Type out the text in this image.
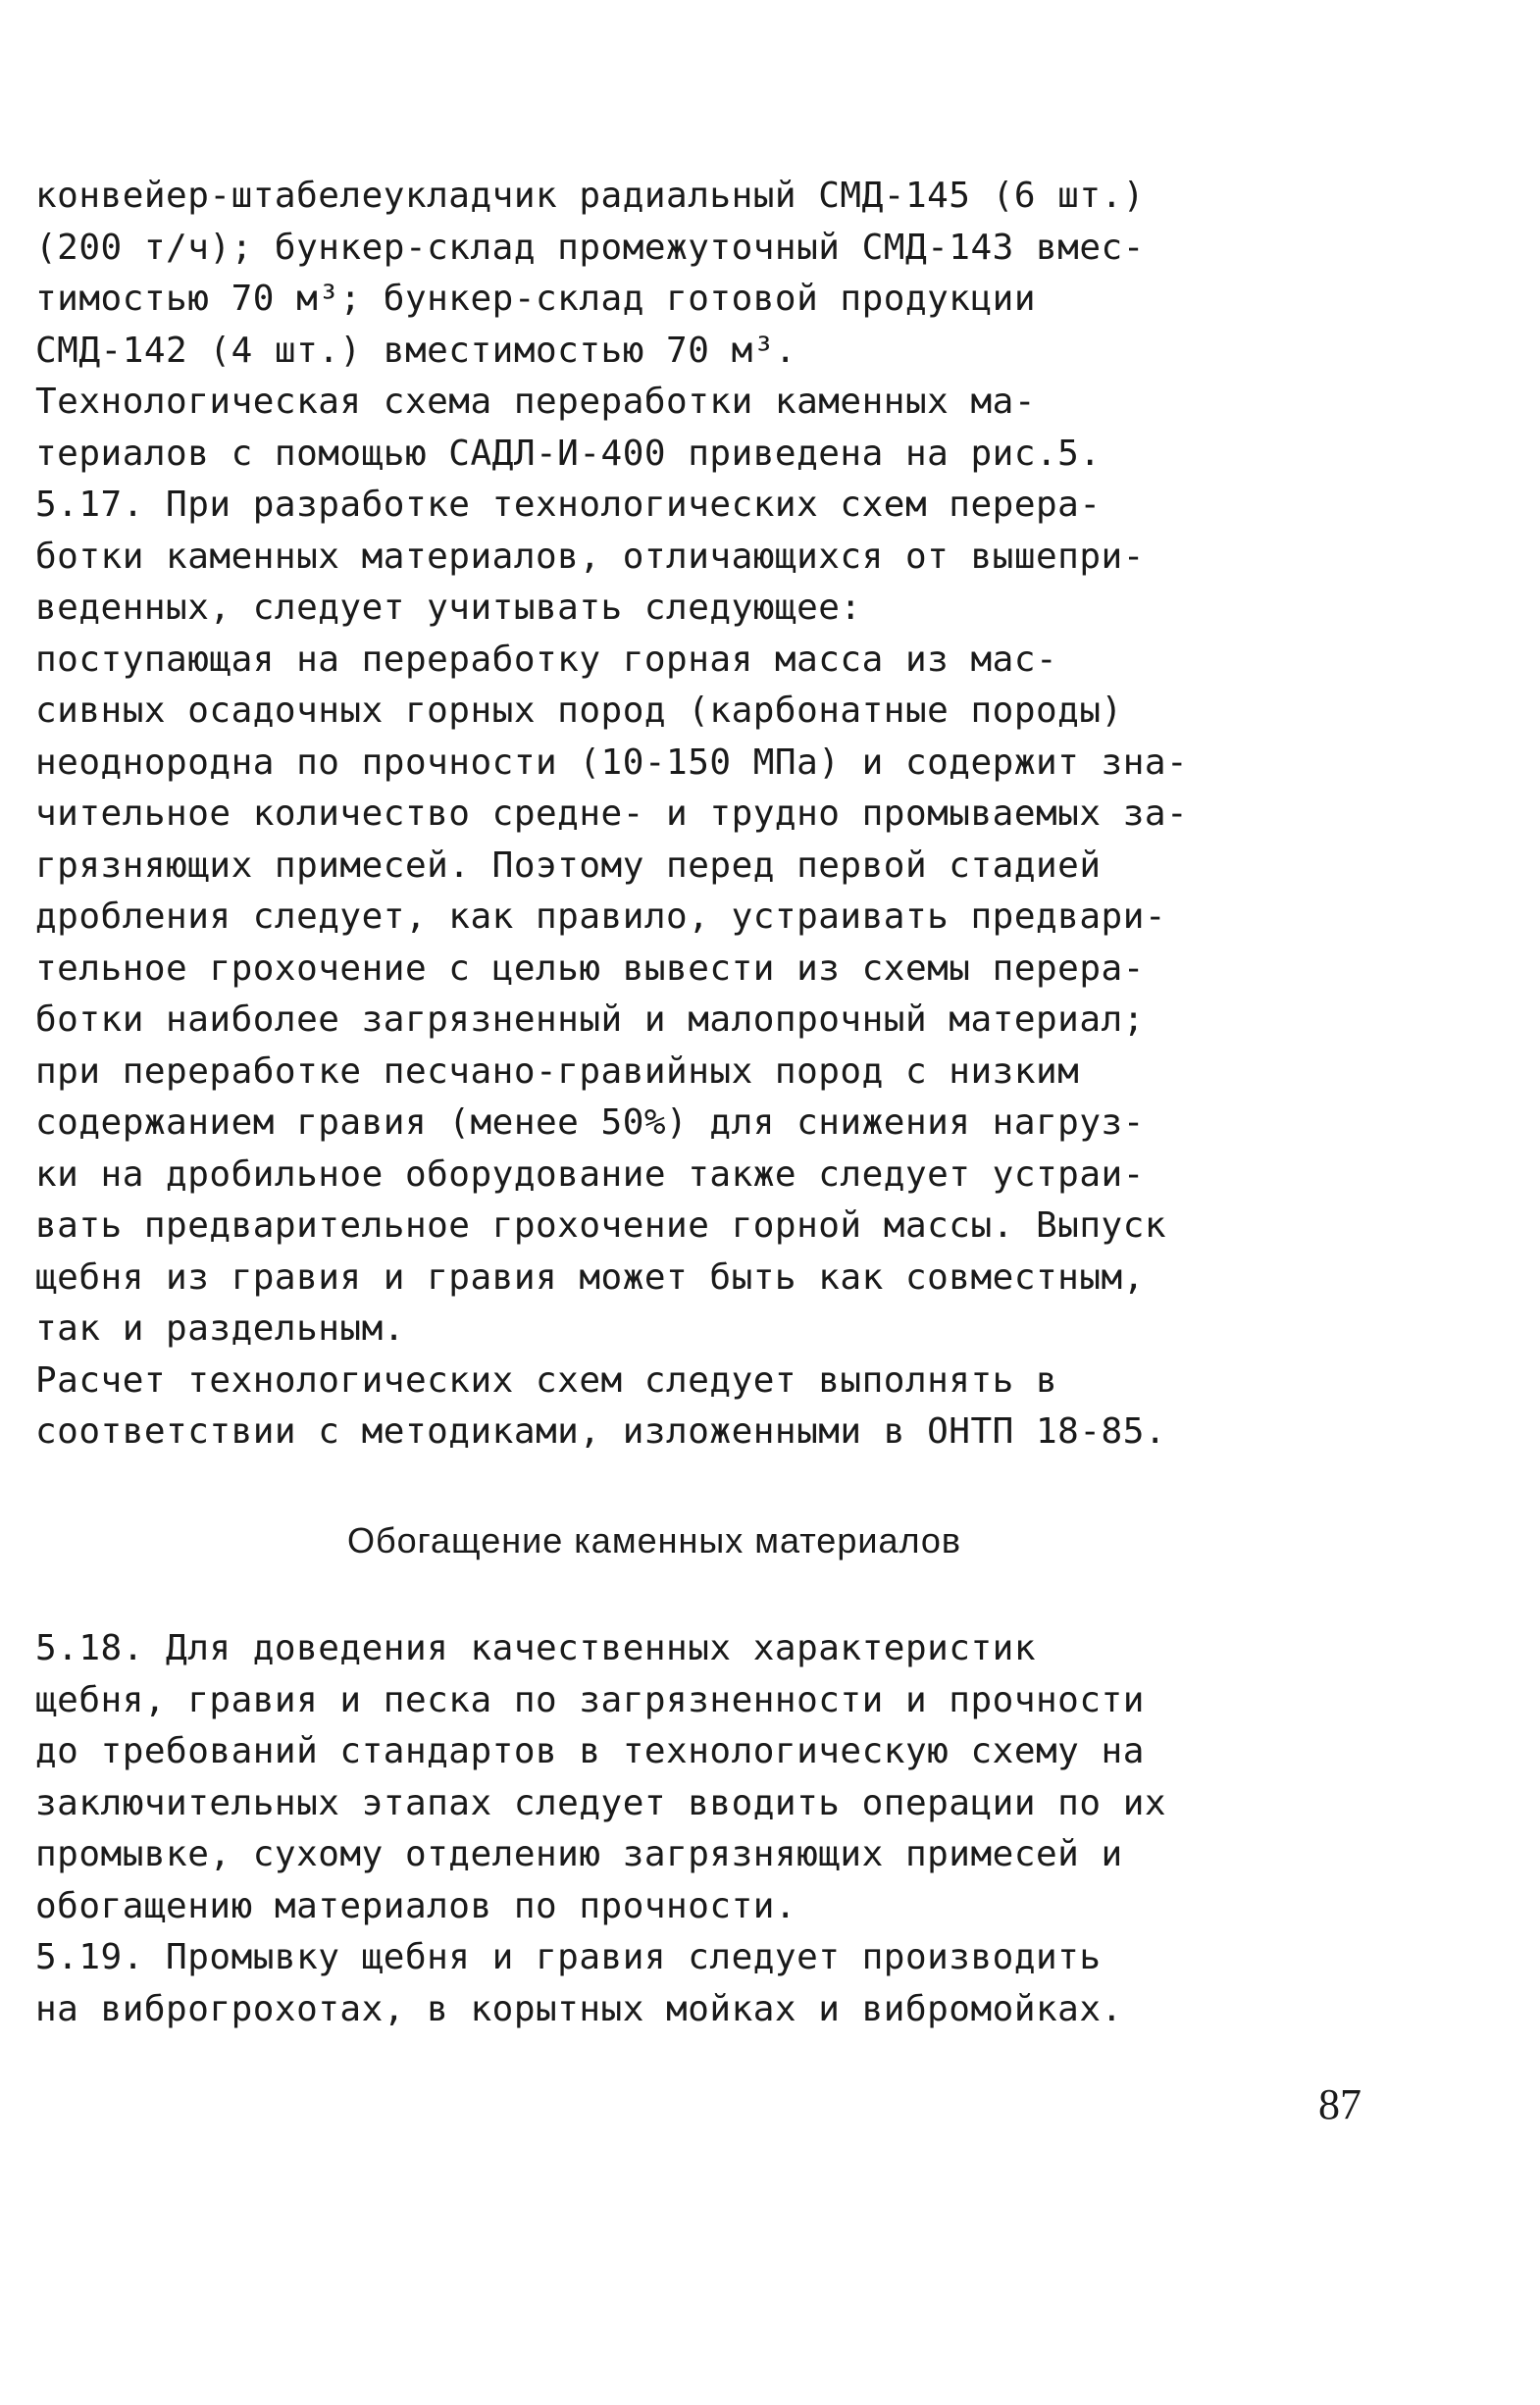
конвейер-штабелеукладчик радиальный СМД-145 (6 шт.)
(200 т/ч); бункер-склад промежуточный СМД-143 вмес-
тимостью 70 м³; бункер-склад готовой продукции
СМД-142 (4 шт.) вместимостью 70 м³.
Технологическая схема переработки каменных ма-
териалов с помощью САДЛ-И-400 приведена на рис.5.
5.17. При разработке технологических схем перера-
ботки каменных материалов, отличающихся от вышепри-
веденных, следует учитывать следующее:
поступающая на переработку горная масса из мас-
сивных осадочных горных пород (карбонатные породы)
неоднородна по прочности (10-150 МПа) и содержит зна-
чительное количество средне- и трудно промываемых за-
грязняющих примесей. Поэтому перед первой стадией
дробления следует, как правило, устраивать предвари-
тельное грохочение с целью вывести из схемы перера-
ботки наиболее загрязненный и малопрочный материал;
при переработке песчано-гравийных пород с низким
содержанием гравия (менее 50%) для снижения нагруз-
ки на дробильное оборудование также следует устраи-
вать предварительное грохочение горной массы. Выпуск
щебня из гравия и гравия может быть как совместным,
так и раздельным.
Расчет технологических схем следует выполнять в
соответствии с методиками, изложенными в ОНТП 18-85.
Обогащение каменных материалов
5.18. Для доведения качественных характеристик
щебня, гравия и песка по загрязненности и прочности
до требований стандартов в технологическую схему на
заключительных этапах следует вводить операции по их
промывке, сухому отделению загрязняющих примесей и
обогащению материалов по прочности.
5.19. Промывку щебня и гравия следует производить
на виброгрохотах, в корытных мойках и вибромойках.
87
